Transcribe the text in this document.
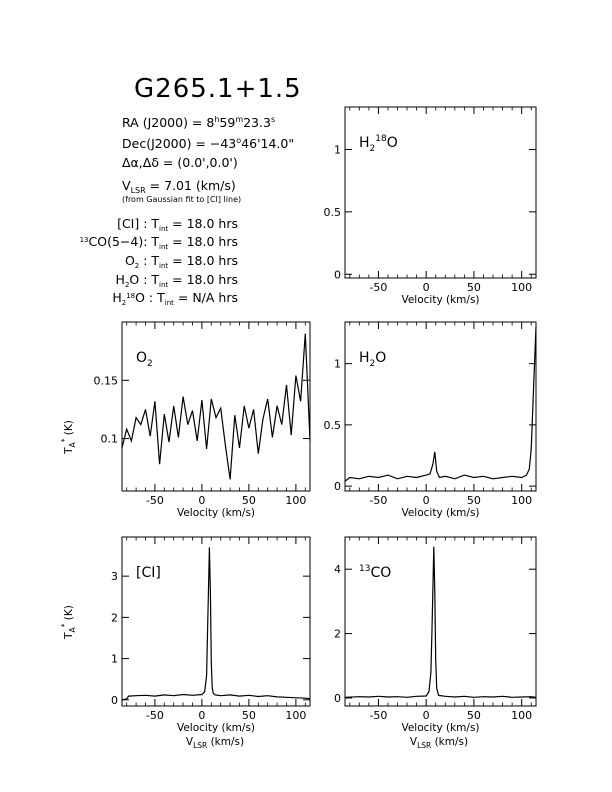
G265.1+1.5
RA $(J2000) = 8^h59^m23.3^s$
$Dec(J2000) = -43^o46'14.0$"
Δα,Δδ = (0.0',0.0')
$V_{LSR} = 7.01$ (km/s)
(from Gaussian fit to [CI] line)
[CI] : $T_{int} = 18.0$ hrs
$^{13}$CO(5−4): $T_{int} = 18.0$ hrs
$O_2$ : $T_{int} = 18.0$ hrs
$H_2O$ : $T_{int} = 18.0$ hrs
$H_2^{18}O$ : $T_{int} = N/A$ hrs
-50	0	50	100
0
0.5
1
Velocity (km/s)
$H_2^{18}O$
-50	0	50	100
0.1
0.15
Velocity (km/s)
$O_2$
-50	0	50	100
0
0.5
1
Velocity (km/s)
$H_2O$
-50	0	50	100
0
1
2
3
Velocity (km/s)
[CI]
-50	0	50	100
0
2
4
Velocity (km/s)
$^{13}$CO
$T_A^*$ (K)
$T_A^*$ (K)
$V_{LSR}$ (km/s)	$V_{LSR}$ (km/s)
